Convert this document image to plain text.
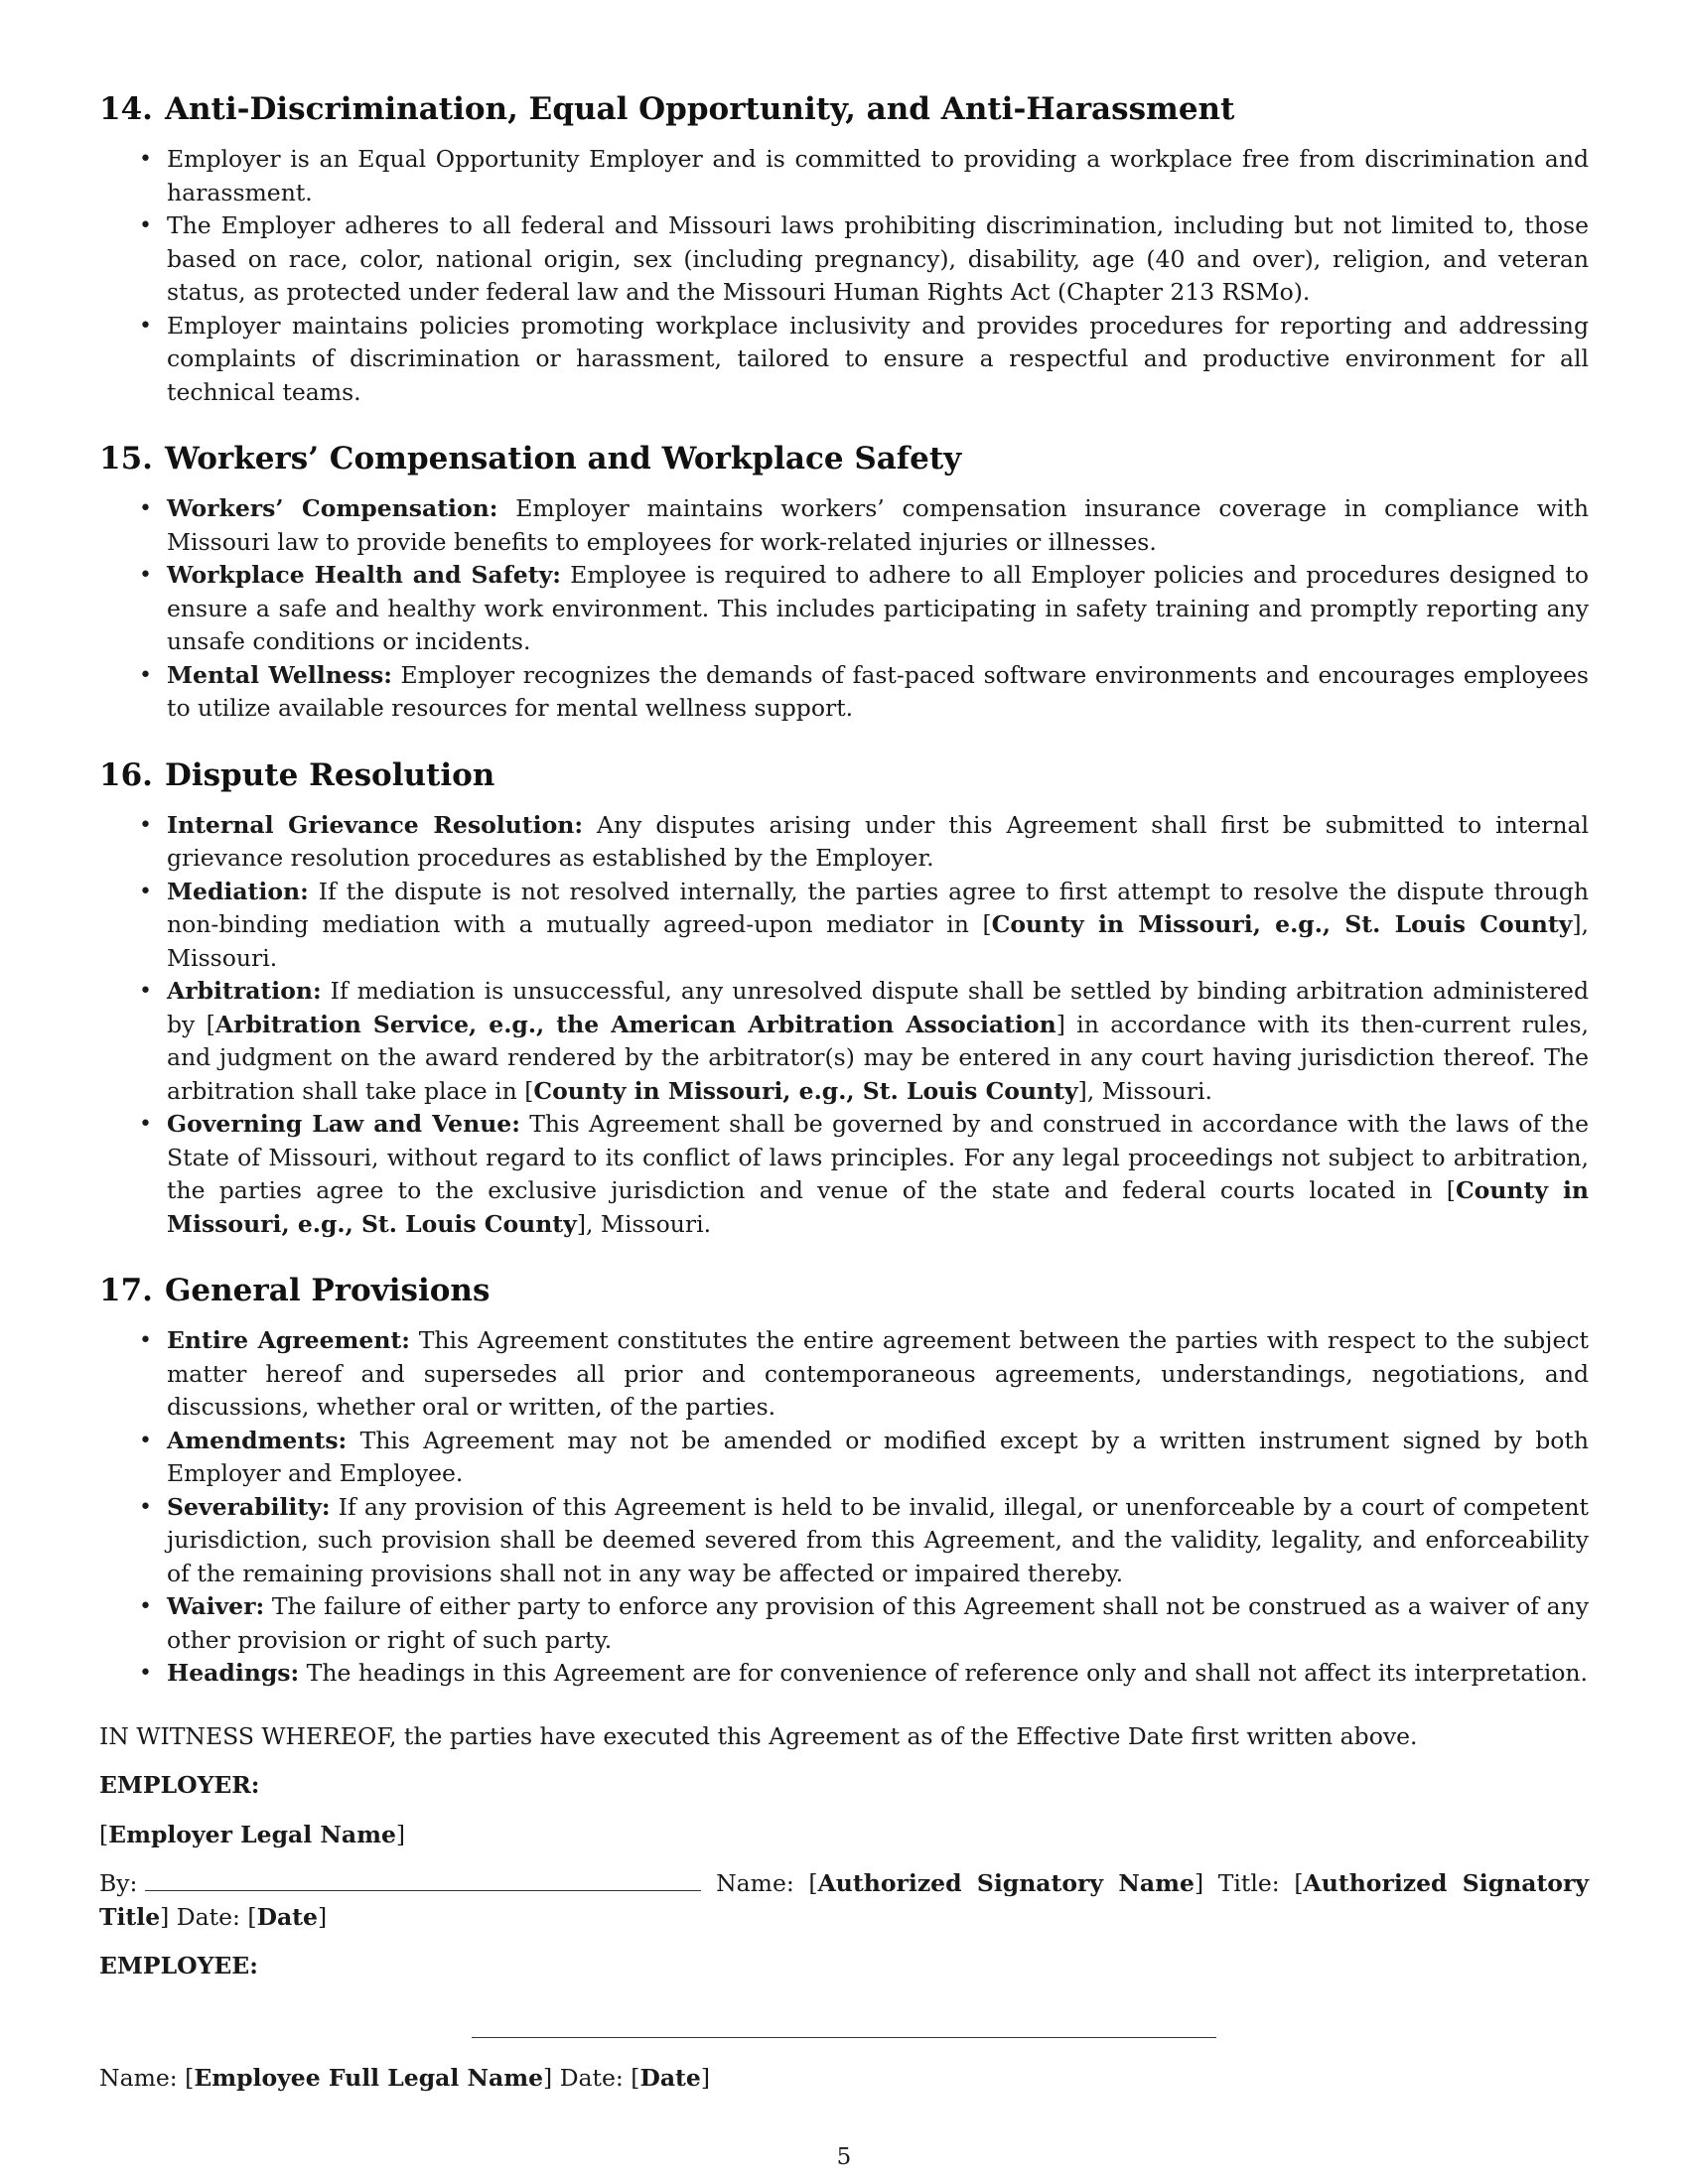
14. Anti-Discrimination, Equal Opportunity, and Anti-Harassment
• Employer is an Equal Opportunity Employer and is committed to providing a workplace free from discrimination and harassment.
• The Employer adheres to all federal and Missouri laws prohibiting discrimination, including but not limited to, those based on race, color, national origin, sex (including pregnancy), disability, age (40 and over), religion, and veteran status, as protected under federal law and the Missouri Human Rights Act (Chapter 213 RSMo).
• Employer maintains policies promoting workplace inclusivity and provides procedures for reporting and addressing complaints of discrimination or harassment, tailored to ensure a respectful and productive environment for all technical teams.
15. Workers’ Compensation and Workplace Safety
• Workers’ Compensation: Employer maintains workers’ compensation insurance coverage in compliance with Missouri law to provide benefits to employees for work-related injuries or illnesses.
• Workplace Health and Safety: Employee is required to adhere to all Employer policies and procedures designed to ensure a safe and healthy work environment. This includes participating in safety training and promptly reporting any unsafe conditions or incidents.
• Mental Wellness: Employer recognizes the demands of fast-paced software environments and encourages employees to utilize available resources for mental wellness support.
16. Dispute Resolution
• Internal Grievance Resolution: Any disputes arising under this Agreement shall first be submitted to internal grievance resolution procedures as established by the Employer.
• Mediation: If the dispute is not resolved internally, the parties agree to first attempt to resolve the dispute through non-binding mediation with a mutually agreed-upon mediator in [County in Missouri, e.g., St. Louis County], Missouri.
• Arbitration: If mediation is unsuccessful, any unresolved dispute shall be settled by binding arbitration administered by [Arbitration Service, e.g., the American Arbitration Association] in accordance with its then-current rules, and judgment on the award rendered by the arbitrator(s) may be entered in any court having jurisdiction thereof. The arbitration shall take place in [County in Missouri, e.g., St. Louis County], Missouri.
• Governing Law and Venue: This Agreement shall be governed by and construed in accordance with the laws of the State of Missouri, without regard to its conflict of laws principles. For any legal proceedings not subject to arbitration, the parties agree to the exclusive jurisdiction and venue of the state and federal courts located in [County in Missouri, e.g., St. Louis County], Missouri.
17. General Provisions
• Entire Agreement: This Agreement constitutes the entire agreement between the parties with respect to the subject matter hereof and supersedes all prior and contemporaneous agreements, understandings, negotiations, and discussions, whether oral or written, of the parties.
• Amendments: This Agreement may not be amended or modified except by a written instrument signed by both Employer and Employee.
• Severability: If any provision of this Agreement is held to be invalid, illegal, or unenforceable by a court of competent jurisdiction, such provision shall be deemed severed from this Agreement, and the validity, legality, and enforceability of the remaining provisions shall not in any way be affected or impaired thereby.
• Waiver: The failure of either party to enforce any provision of this Agreement shall not be construed as a waiver of any other provision or right of such party.
• Headings: The headings in this Agreement are for convenience of reference only and shall not affect its interpretation.

IN WITNESS WHEREOF, the parties have executed this Agreement as of the Effective Date first written above.

EMPLOYER:

[Employer Legal Name]

By:	Name: [Authorized Signatory Name] Title: [Authorized Signatory Title] Date: [Date]

EMPLOYEE:

Name: [Employee Full Legal Name] Date: [Date]

5
